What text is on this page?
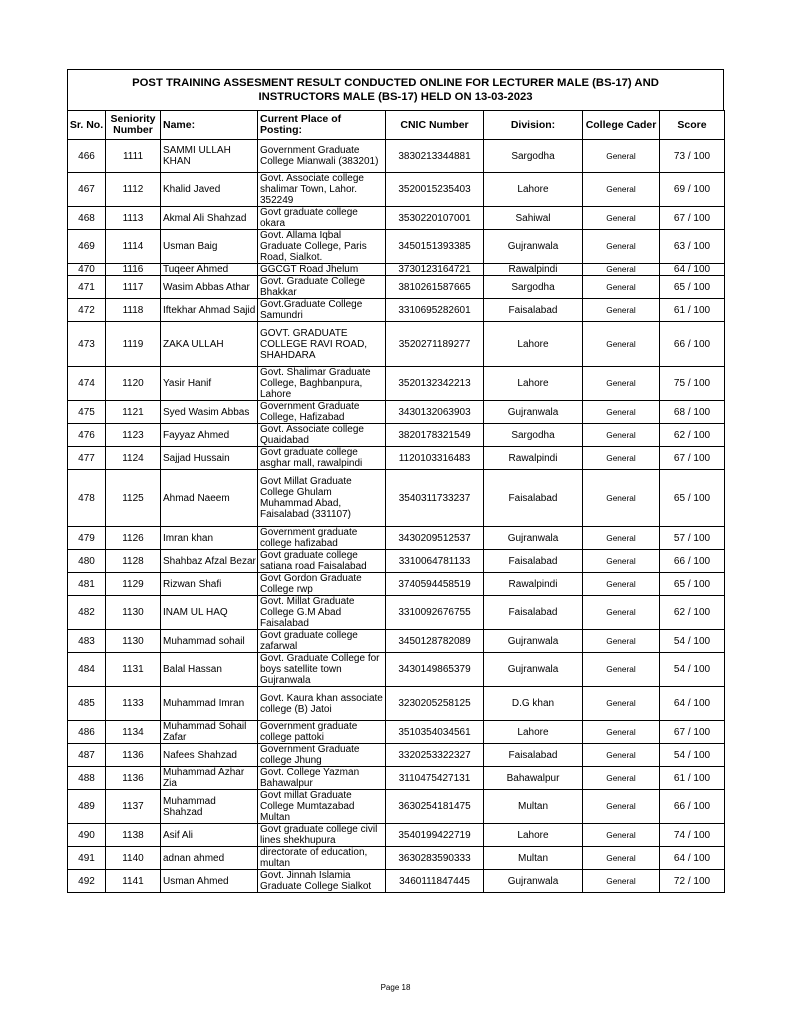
POST TRAINING ASSESMENT RESULT CONDUCTED ONLINE FOR LECTURER MALE (BS-17) AND
INSTRUCTORS MALE (BS-17) HELD ON 13-03-2023
Sr. No.	Seniority Number	Name:	Current Place of Posting:	CNIC Number	Division:	College Cader	Score
466	1111	SAMMI ULLAH KHAN	Government Graduate College Mianwali (383201)	3830213344881	Sargodha	General	73 / 100
467	1112	Khalid Javed	Govt. Associate college shalimar Town, Lahor. 352249	3520015235403	Lahore	General	69 / 100
468	1113	Akmal Ali Shahzad	Govt graduate college okara	3530220107001	Sahiwal	General	67 / 100
469	1114	Usman Baig	Govt. Allama Iqbal Graduate College, Paris Road, Sialkot.	3450151393385	Gujranwala	General	63 / 100
470	1116	Tuqeer Ahmed	GGCGT Road Jhelum	3730123164721	Rawalpindi	General	64 / 100
471	1117	Wasim Abbas Athar	Govt. Graduate College Bhakkar	3810261587665	Sargodha	General	65 / 100
472	1118	Iftekhar Ahmad Sajid	Govt.Graduate College Samundri	3310695282601	Faisalabad	General	61 / 100
473	1119	ZAKA ULLAH	GOVT. GRADUATE COLLEGE RAVI ROAD, SHAHDARA	3520271189277	Lahore	General	66 / 100
474	1120	Yasir Hanif	Govt. Shalimar Graduate College, Baghbanpura, Lahore	3520132342213	Lahore	General	75 / 100
475	1121	Syed Wasim Abbas	Government Graduate College, Hafizabad	3430132063903	Gujranwala	General	68 / 100
476	1123	Fayyaz Ahmed	Govt. Associate college Quaidabad	3820178321549	Sargodha	General	62 / 100
477	1124	Sajjad Hussain	Govt graduate college asghar mall, rawalpindi	1120103316483	Rawalpindi	General	67 / 100
478	1125	Ahmad Naeem	Govt Millat Graduate College Ghulam Muhammad Abad, Faisalabad (331107)	3540311733237	Faisalabad	General	65 / 100
479	1126	Imran khan	Government graduate college hafizabad	3430209512537	Gujranwala	General	57 / 100
480	1128	Shahbaz Afzal Bezar	Govt graduate college satiana road Faisalabad	3310064781133	Faisalabad	General	66 / 100
481	1129	Rizwan Shafi	Govt Gordon Graduate College rwp	3740594458519	Rawalpindi	General	65 / 100
482	1130	INAM UL HAQ	Govt. Millat Graduate College G.M Abad Faisalabad	3310092676755	Faisalabad	General	62 / 100
483	1130	Muhammad sohail	Govt graduate college zafarwal	3450128782089	Gujranwala	General	54 / 100
484	1131	Balal Hassan	Govt. Graduate College for boys satellite town Gujranwala	3430149865379	Gujranwala	General	54 / 100
485	1133	Muhammad Imran	Govt. Kaura khan associate college (B) Jatoi	3230205258125	D.G khan	General	64 / 100
486	1134	Muhammad Sohail Zafar	Government graduate college pattoki	3510354034561	Lahore	General	67 / 100
487	1136	Nafees Shahzad	Government Graduate college Jhung	3320253322327	Faisalabad	General	54 / 100
488	1136	Muhammad Azhar Zia	Govt. College Yazman Bahawalpur	3110475427131	Bahawalpur	General	61 / 100
489	1137	Muhammad Shahzad	Govt millat Graduate College Mumtazabad Multan	3630254181475	Multan	General	66 / 100
490	1138	Asif Ali	Govt graduate college civil lines shekhupura	3540199422719	Lahore	General	74 / 100
491	1140	adnan ahmed	directorate of education, multan	3630283590333	Multan	General	64 / 100
492	1141	Usman Ahmed	Govt. Jinnah Islamia Graduate College Sialkot	3460111847445	Gujranwala	General	72 / 100
Page 18
